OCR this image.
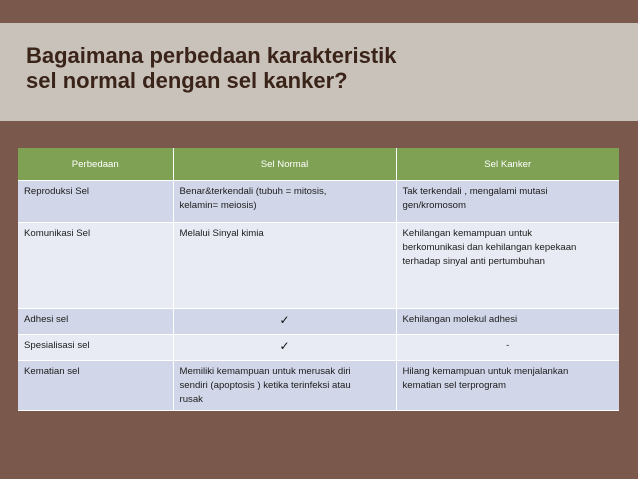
Bagaimana perbedaan karakteristik
sel normal dengan sel kanker?
Perbedaan	Sel Normal	Sel Kanker

Reproduksi Sel	Benar&terkendali (tubuh = mitosis,
kelamin= meiosis)	Tak terkendali , mengalami mutasi
gen/kromosom

Komunikasi Sel	Melalui Sinyal kimia	Kehilangan kemampuan untuk
berkomunikasi dan kehilangan kepekaan
terhadap sinyal anti pertumbuhan

Adhesi sel	✓	Kehilangan molekul adhesi

Spesialisasi sel	✓	-

Kematian sel	Memiliki kemampuan untuk merusak diri
sendiri (apoptosis ) ketika terinfeksi atau
rusak	Hilang kemampuan untuk menjalankan
kematian sel terprogram
